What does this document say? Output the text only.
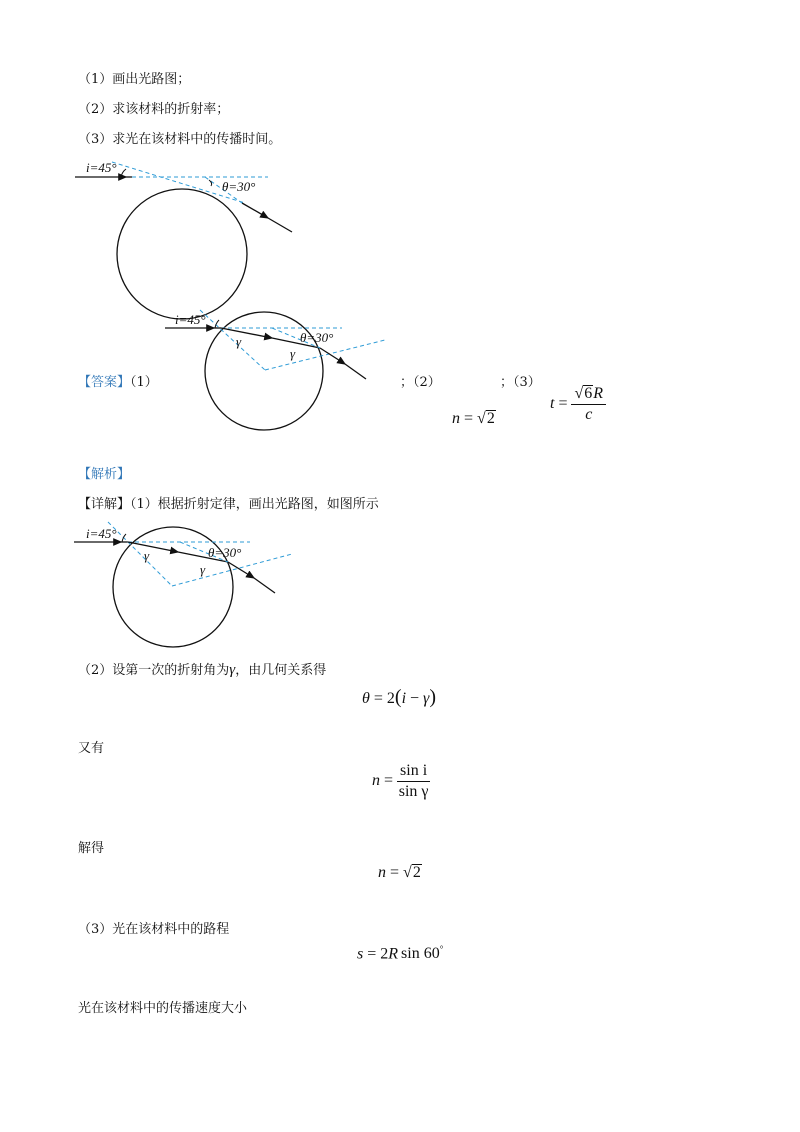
（1）画出光路图；
（2）求该材料的折射率；
（3）求光在该材料中的传播时间。
i=45°
θ=30°
【答案】（1）
i=45°
θ=30°
γ
γ
；（2）	；（3）
n = √ 2
$t = \frac{√ 6 R}{c}$
【解析】
【详解】（1）根据折射定律，画出光路图，如图所示
i=45°
θ=30°
γ
γ
（2）设第一次的折射角为γ，由几何关系得
θ = 2(i − γ)
又有
$n = \frac{\text{sin i}}{\text{sin γ}}$
解得
n = √ 2
（3）光在该材料中的路程
s = 2R sin 60°
光在该材料中的传播速度大小
